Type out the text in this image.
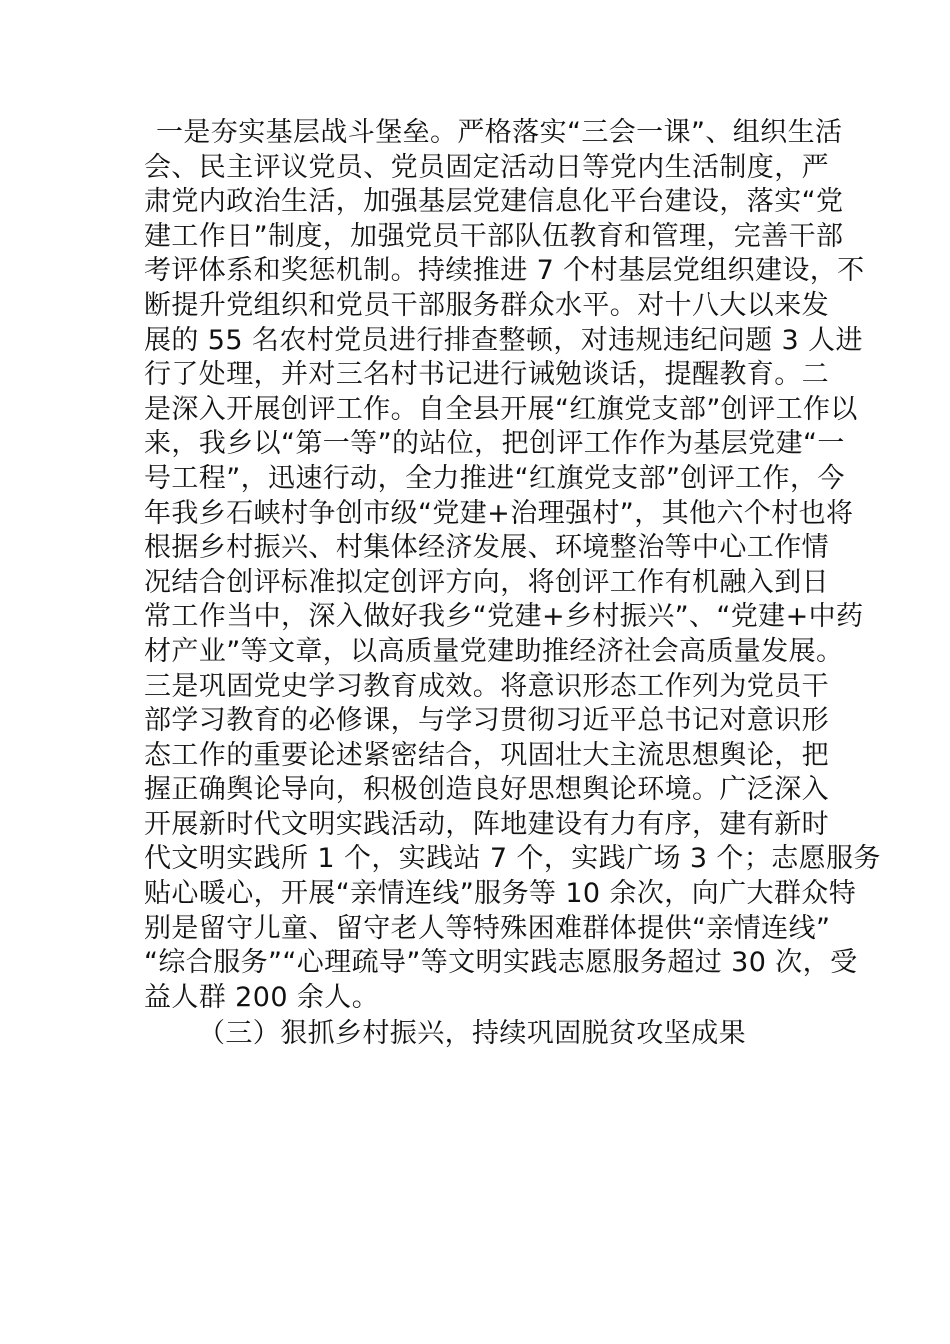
一是夯实基层战斗堡垒。严格落实“三会一课”、组织生活
会、民主评议党员、党员固定活动日等党内生活制度，严
肃党内政治生活，加强基层党建信息化平台建设，落实“党
建工作日”制度，加强党员干部队伍教育和管理，完善干部
考评体系和奖惩机制。持续推进 7 个村基层党组织建设，不
断提升党组织和党员干部服务群众水平。对十八大以来发
展的 55 名农村党员进行排查整顿，对违规违纪问题 3 人进
行了处理，并对三名村书记进行诫勉谈话，提醒教育。二
是深入开展创评工作。自全县开展“红旗党支部”创评工作以
来，我乡以“第一等”的站位，把创评工作作为基层党建“一
号工程”，迅速行动，全力推进“红旗党支部”创评工作，今
年我乡石峡村争创市级“党建+治理强村”，其他六个村也将
根据乡村振兴、村集体经济发展、环境整治等中心工作情
况结合创评标准拟定创评方向，将创评工作有机融入到日
常工作当中，深入做好我乡“党建+乡村振兴”、“党建+中药
材产业”等文章，以高质量党建助推经济社会高质量发展。
三是巩固党史学习教育成效。将意识形态工作列为党员干
部学习教育的必修课，与学习贯彻习近平总书记对意识形
态工作的重要论述紧密结合，巩固壮大主流思想舆论，把
握正确舆论导向，积极创造良好思想舆论环境。广泛深入
开展新时代文明实践活动，阵地建设有力有序，建有新时
代文明实践所 1 个，实践站 7 个，实践广场 3 个；志愿服务
贴心暖心，开展“亲情连线”服务等 10 余次，向广大群众特
别是留守儿童、留守老人等特殊困难群体提供“亲情连线”
“综合服务”“心理疏导”等文明实践志愿服务超过 30 次，受
益人群 200 余人。
（三）狠抓乡村振兴，持续巩固脱贫攻坚成果
